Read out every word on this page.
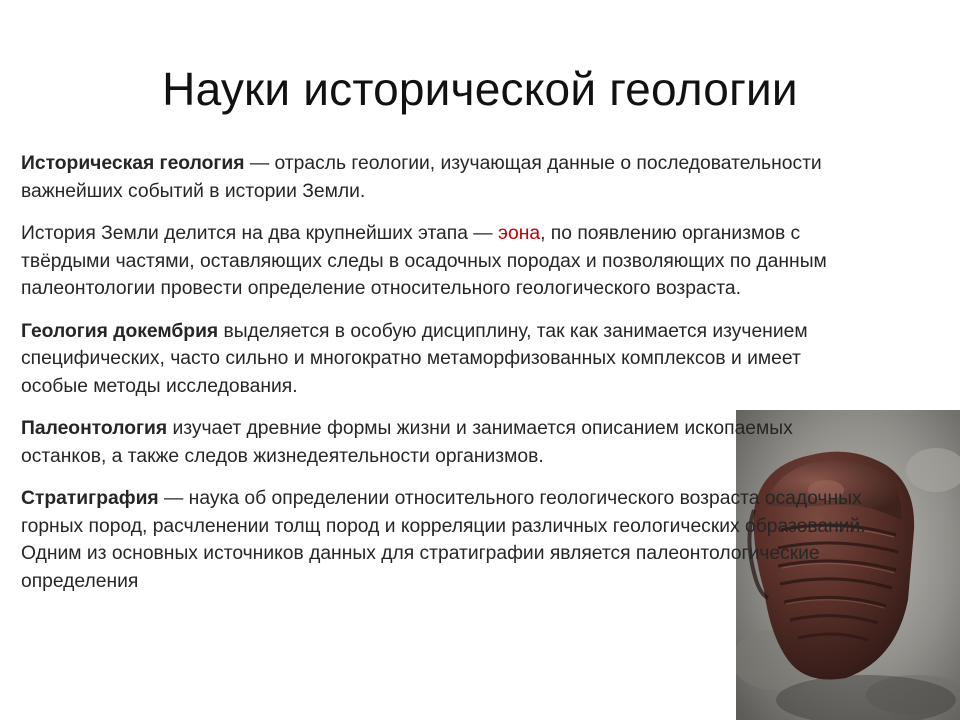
Науки исторической геологии

Историческая геология — отрасль геологии, изучающая данные о последовательности важнейших событий в истории Земли.

История Земли делится на два крупнейших этапа — эона, по появлению организмов с твёрдыми частями, оставляющих следы в осадочных породах и позволяющих по данным палеонтологии провести определение относительного геологического возраста.

Геология докембрия выделяется в особую дисциплину, так как занимается изучением специфических, часто сильно и многократно метаморфизованных комплексов и имеет особые методы исследования.

Палеонтология изучает древние формы жизни и занимается описанием ископаемых останков, а также следов жизнедеятельности организмов.

Стратиграфия — наука об определении относительного геологического возраста осадочных горных пород, расчленении толщ пород и корреляции различных геологических образований. Одним из основных источников данных для стратиграфии является палеонтологические определения
